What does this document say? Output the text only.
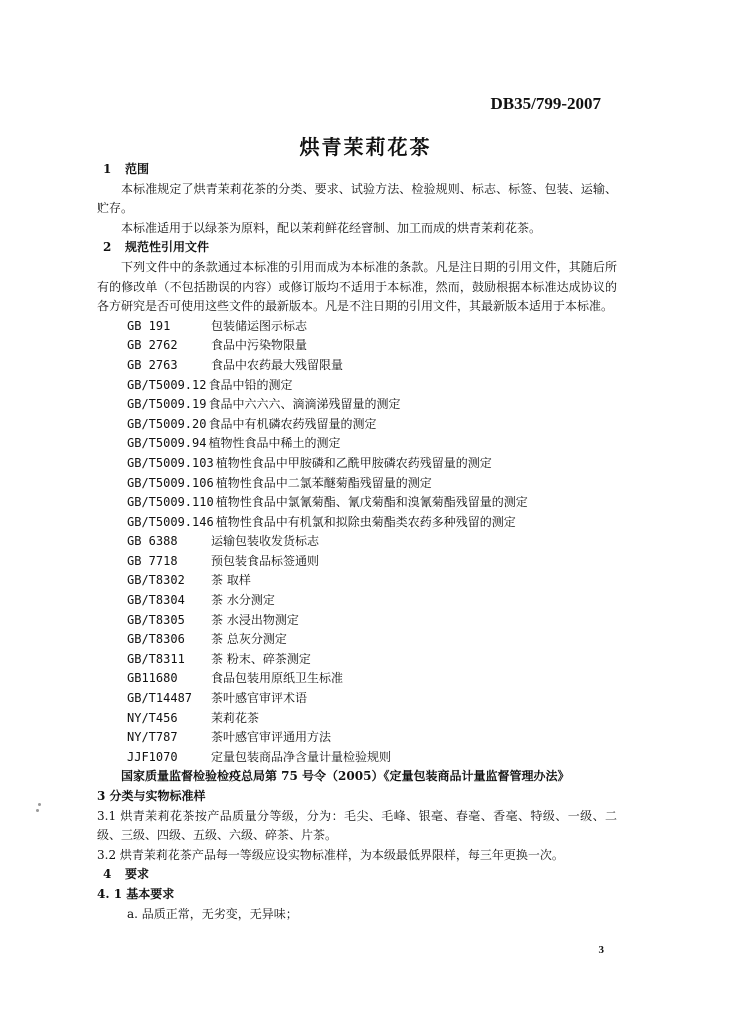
DB35/799-2007
烘青茉莉花茶
1 范围
本标准规定了烘青茉莉花茶的分类、要求、试验方法、检验规则、标志、标签、包装、运输、贮存。
本标准适用于以绿茶为原料，配以茉莉鲜花经窨制、加工而成的烘青茉莉花茶。
2 规范性引用文件
下列文件中的条款通过本标准的引用而成为本标准的条款。凡是注日期的引用文件，其随后所有的修改单（不包括勘误的内容）或修订版均不适用于本标准，然而，鼓励根据本标准达成协议的各方研究是否可使用这些文件的最新版本。凡是不注日期的引用文件，其最新版本适用于本标准。
GB 191	包装储运图示标志
GB 2762	食品中污染物限量
GB 2763	食品中农药最大残留限量
GB/T5009.12 食品中铅的测定
GB/T5009.19 食品中六六六、滴滴涕残留量的测定
GB/T5009.20 食品中有机磷农药残留量的测定
GB/T5009.94 植物性食品中稀土的测定
GB/T5009.103 植物性食品中甲胺磷和乙酰甲胺磷农药残留量的测定
GB/T5009.106 植物性食品中二氯苯醚菊酯残留量的测定
GB/T5009.110 植物性食品中氯氰菊酯、氰戊菊酯和溴氰菊酯残留量的测定
GB/T5009.146 植物性食品中有机氯和拟除虫菊酯类农药多种残留的测定
GB 6388	运输包装收发货标志
GB 7718	预包装食品标签通则
GB/T8302	茶 取样
GB/T8304	茶 水分测定
GB/T8305	茶 水浸出物测定
GB/T8306	茶 总灰分测定
GB/T8311	茶 粉末、碎茶测定
GB11680	食品包装用原纸卫生标准
GB/T14487	茶叶感官审评术语
NY/T456	茉莉花茶
NY/T787	茶叶感官审评通用方法
JJF1070	定量包装商品净含量计量检验规则
国家质量监督检验检疫总局第 75 号令（2005）《定量包装商品计量监督管理办法》
3 分类与实物标准样
3.1 烘青茉莉花茶按产品质量分等级，分为：毛尖、毛峰、银毫、春毫、香毫、特级、一级、二级、三级、四级、五级、六级、碎茶、片茶。
3.2 烘青茉莉花茶产品每一等级应设实物标准样，为本级最低界限样，每三年更换一次。
4 要求
4. 1 基本要求
a. 品质正常，无劣变，无异味；
3
